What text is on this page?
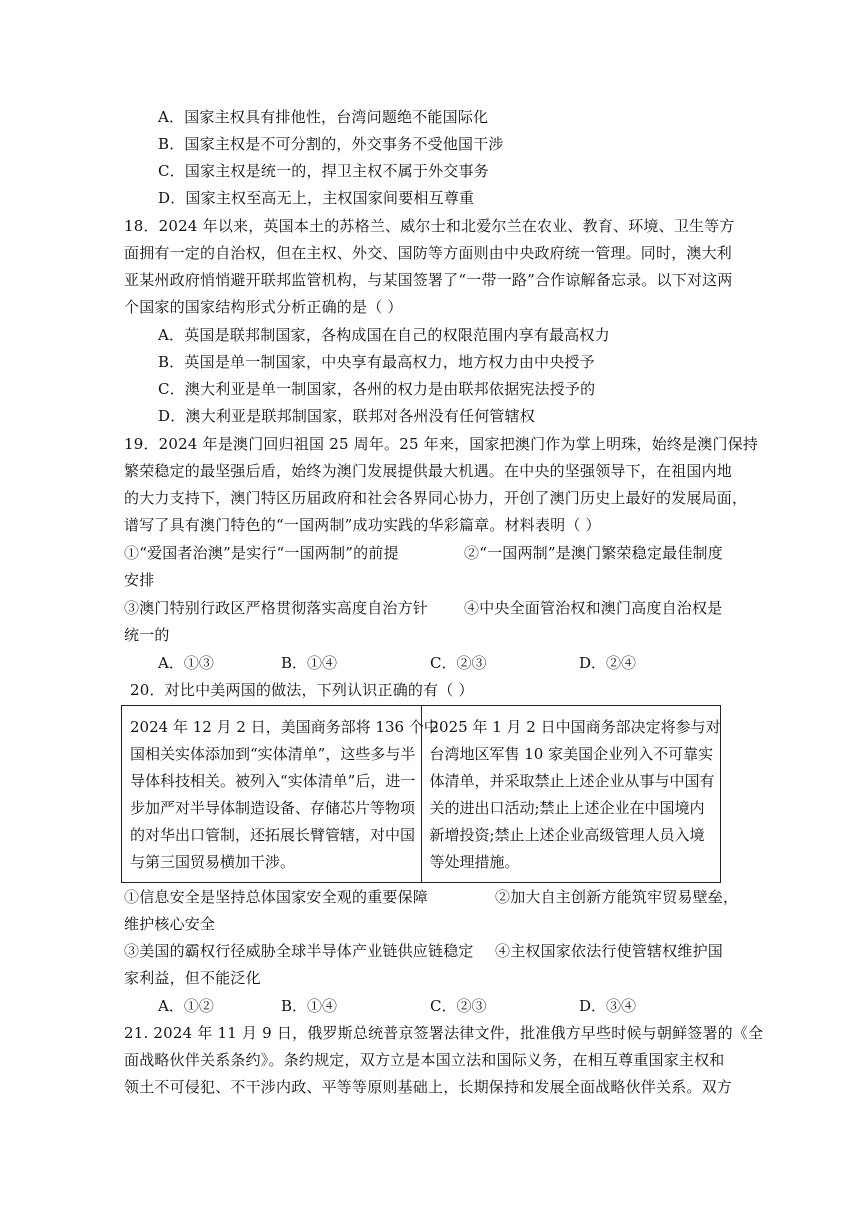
A．国家主权具有排他性，台湾问题绝不能国际化
B．国家主权是不可分割的，外交事务不受他国干涉
C．国家主权是统一的，捍卫主权不属于外交事务
D．国家主权至高无上，主权国家间要相互尊重
18．2024 年以来，英国本土的苏格兰、威尔士和北爱尔兰在农业、教育、环境、卫生等方
面拥有一定的自治权，但在主权、外交、国防等方面则由中央政府统一管理。同时，澳大利
亚某州政府悄悄避开联邦监管机构，与某国签署了“一带一路”合作谅解备忘录。以下对这两
个国家的国家结构形式分析正确的是（ ）
A．英国是联邦制国家，各构成国在自己的权限范围内享有最高权力
B．英国是单一制国家，中央享有最高权力，地方权力由中央授予
C．澳大利亚是单一制国家，各州的权力是由联邦依据宪法授予的
D．澳大利亚是联邦制国家，联邦对各州没有任何管辖权
19．2024 年是澳门回归祖国 25 周年。25 年来，国家把澳门作为掌上明珠，始终是澳门保持
繁荣稳定的最坚强后盾，始终为澳门发展提供最大机遇。在中央的坚强领导下，在祖国内地
的大力支持下，澳门特区历届政府和社会各界同心协力，开创了澳门历史上最好的发展局面，
谱写了具有澳门特色的“一国两制”成功实践的华彩篇章。材料表明（ ）
①“爱国者治澳”是实行“一国两制”的前提	②“一国两制”是澳门繁荣稳定最佳制度
安排
③澳门特别行政区严格贯彻落实高度自治方针 ④中央全面管治权和澳门高度自治权是
统一的
A．①③	B．①④	C．②③	D．②④
20．对比中美两国的做法，下列认识正确的有（ ）
2024 年 12 月 2 日，美国商务部将 136 个中
国相关实体添加到“实体清单”，这些多与半
导体科技相关。被列入“实体清单”后，进一
步加严对半导体制造设备、存储芯片等物项
的对华出口管制，还拓展长臂管辖，对中国
与第三国贸易横加干涉。

2025 年 1 月 2 日中国商务部决定将参与对
台湾地区军售 10 家美国企业列入不可靠实
体清单，并采取禁止上述企业从事与中国有
关的进出口活动;禁止上述企业在中国境内
新增投资;禁止上述企业高级管理人员入境
等处理措施。
①信息安全是坚持总体国家安全观的重要保障	②加大自主创新方能筑牢贸易壁垒，
维护核心安全
③美国的霸权行径威胁全球半导体产业链供应链稳定 ④主权国家依法行使管辖权维护国
家利益，但不能泛化
A．①②	B．①④	C．②③	D．③④
21. 2024 年 11 月 9 日，俄罗斯总统普京签署法律文件，批准俄方早些时候与朝鲜签署的《全
面战略伙伴关系条约》。条约规定，双方立是本国立法和国际义务，在相互尊重国家主权和
领土不可侵犯、不干涉内政、平等等原则基础上，长期保持和发展全面战略伙伴关系。双方
